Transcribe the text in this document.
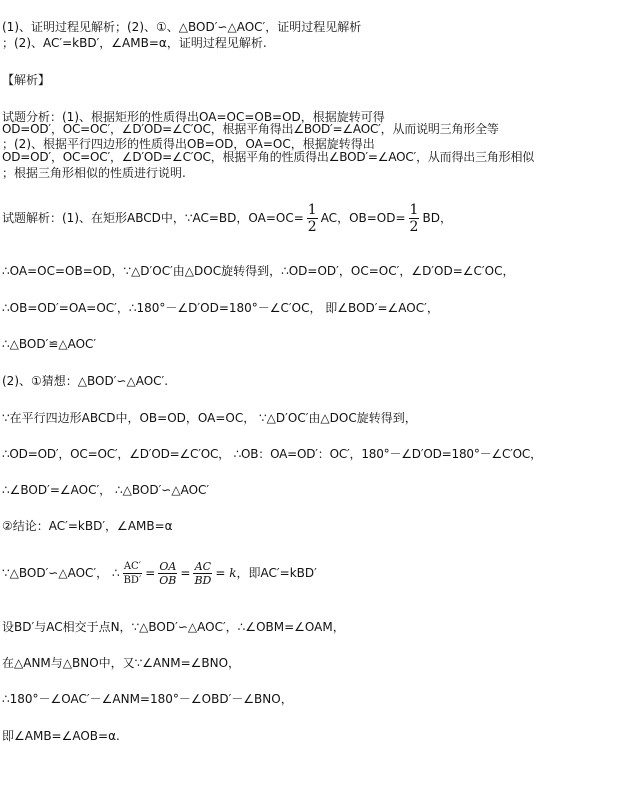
(1)、证明过程见解析；(2)、①、△BOD′∽△AOC′，证明过程见解析
；(2)、AC′=kBD′，∠AMB=α，证明过程见解析.
【解析】
试题分析：(1)、根据矩形的性质得出OA=OC=OB=OD，根据旋转可得
OD=OD′，OC=OC′，∠D′OD=∠C′OC，根据平角得出∠BOD′=∠AOC′，从而说明三角形全等
；(2)、根据平行四边形的性质得出OB=OD，OA=OC，根据旋转得出
OD=OD′，OC=OC′，∠D′OD=∠C′OC，根据平角的性质得出∠BOD′=∠AOC′，从而得出三角形相似
；根据三角形相似的性质进行说明.
试题解析：(1)、在矩形ABCD中，∵AC=BD，$OA=OC= \frac{1}{2}$ AC，$OB=OD= \frac{1}{2}$ BD，
∴OA=OC=OB=OD，∵△D′OC′由△DOC旋转得到，∴OD=OD′，OC=OC′，∠D′OD=∠C′OC，
∴OB=OD′=OA=OC′，∴180°－∠D′OD=180°－∠C′OC， 即∠BOD′=∠AOC′，
∴△BOD′≌△AOC′
(2)、①猜想：△BOD′∽△AOC′.
∵在平行四边形ABCD中，OB=OD，OA=OC， ∵△D′OC′由△DOC旋转得到，
∴OD=OD′，OC=OC′，∠D′OD=∠C′OC， ∴OB：OA=OD′：OC′，180°－∠D′OD=180°－∠C′OC，
∴∠BOD′=∠AOC′， ∴△BOD′∽△AOC′
②结论：AC′=kBD′，∠AMB=α
∵△BOD′∽△AOC′， ∴ $\frac{AC'}{BD'} = \frac{OA}{OB} = \frac{AC}{BD} = k$，即AC′=kBD′
设BD′与AC相交于点N，∵△BOD′∽△AOC′，∴∠OBM=∠OAM，
在△ANM与△BNO中，又∵∠ANM=∠BNO，
∴180°－∠OAC′－∠ANM=180°－∠OBD′－∠BNO，
即∠AMB=∠AOB=α.
